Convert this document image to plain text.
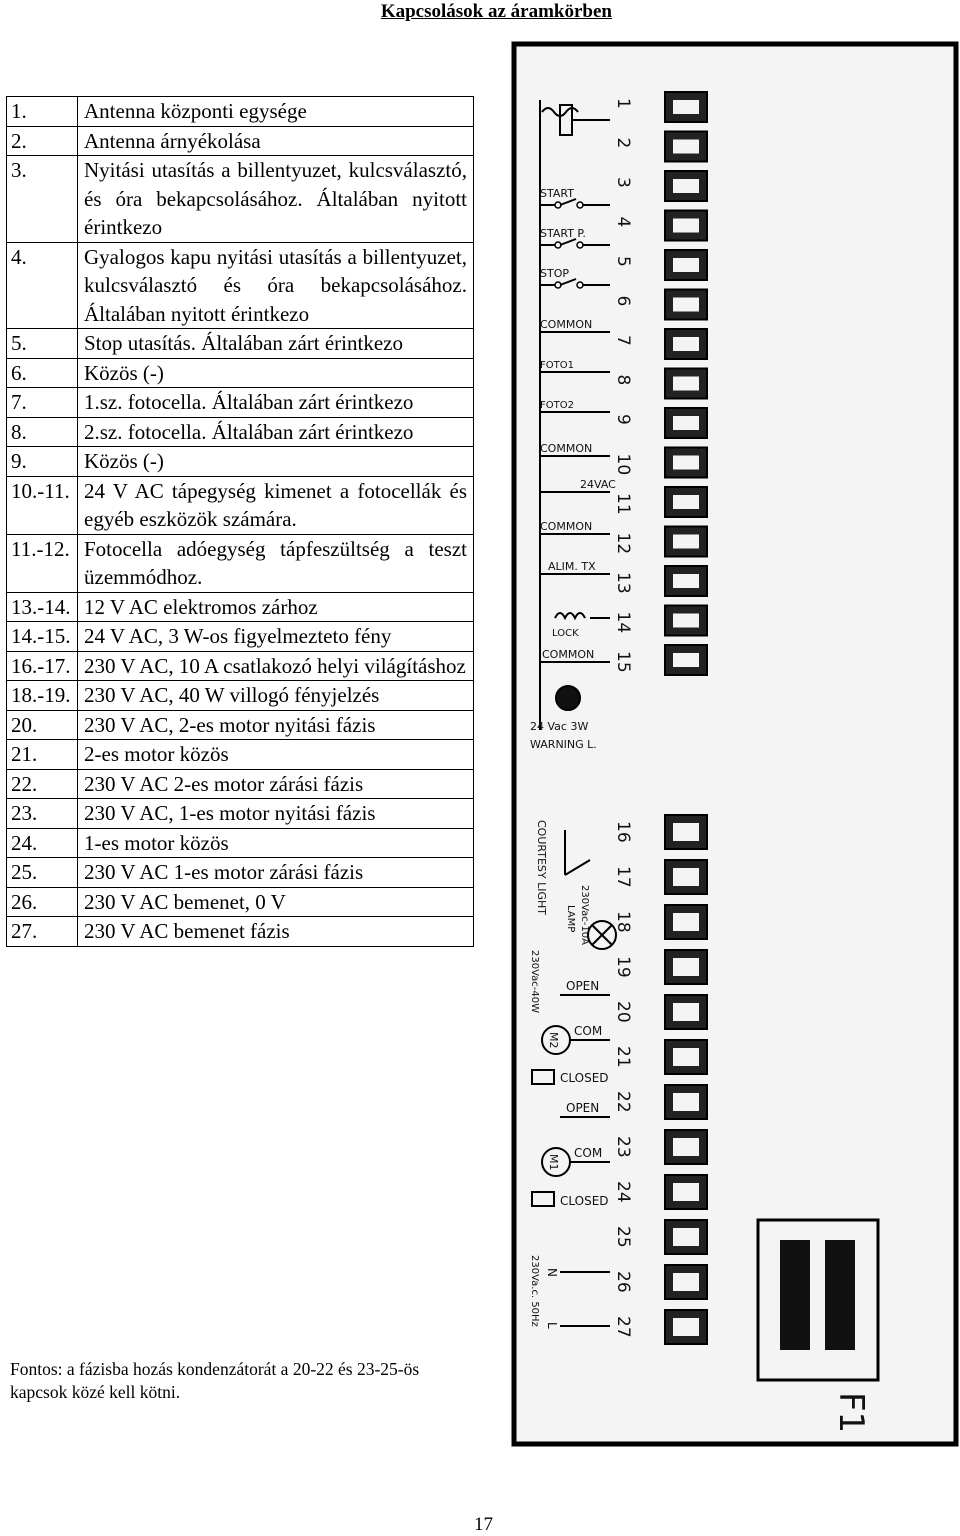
Kapcsolások az áramkörben
1.	Antenna központi egysége
2.	Antenna árnyékolása
3.	Nyitási utasítás a billentyuzet, kulcsválasztó, és óra bekapcsolásához. Általában nyitott érintkezo
4.	Gyalogos kapu nyitási utasítás a billentyuzet, kulcsválasztó és óra bekapcsolásához. Általában nyitott érintkezo
5.	Stop utasítás. Általában zárt érintkezo
6.	Közös (-)
7.	1.sz. fotocella. Általában zárt érintkezo
8.	2.sz. fotocella. Általában zárt érintkezo
9.	Közös (-)
10.-11.	24 V AC tápegység kimenet a fotocellák és egyéb eszközök számára.
11.-12.	Fotocella adóegység tápfeszültség a teszt üzemmódhoz.
13.-14.	12 V AC elektromos zárhoz
14.-15.	24 V AC, 3 W-os figyelmezteto fény
16.-17.	230 V AC, 10 A csatlakozó helyi világításhoz
18.-19.	230 V AC, 40 W villogó fényjelzés
20.	230 V AC, 2-es motor nyitási fázis
21.	2-es motor közös
22.	230 V AC 2-es motor zárási fázis
23.	230 V AC, 1-es motor nyitási fázis
24.	1-es motor közös
25.	230 V AC 1-es motor zárási fázis
26.	230 V AC bemenet, 0 V
27.	230 V AC bemenet fázis
Fontos: a fázisba hozás kondenzátorát a 20-22 és 23-25-ös kapcsok közé kell kötni.
17
1
2
3
4
5
6
7
8
9
10
11
12
13
14
15
16
17
18
19
20
21
22
23
24
25
26
27
START
START P.
STOP
COMMON
FOTO1
FOTO2
COMMON
24VAC
COMMON
ALIM. TX
LOCK
COMMON
24 Vac 3W
WARNING L.
COURTESY LIGHT	230Vac-10A
LAMP
230Vac-40W OPEN
M2
COM
CLOSED
OPEN
M1
COM
CLOSED
N
L
230Va.c. 50Hz
F1
